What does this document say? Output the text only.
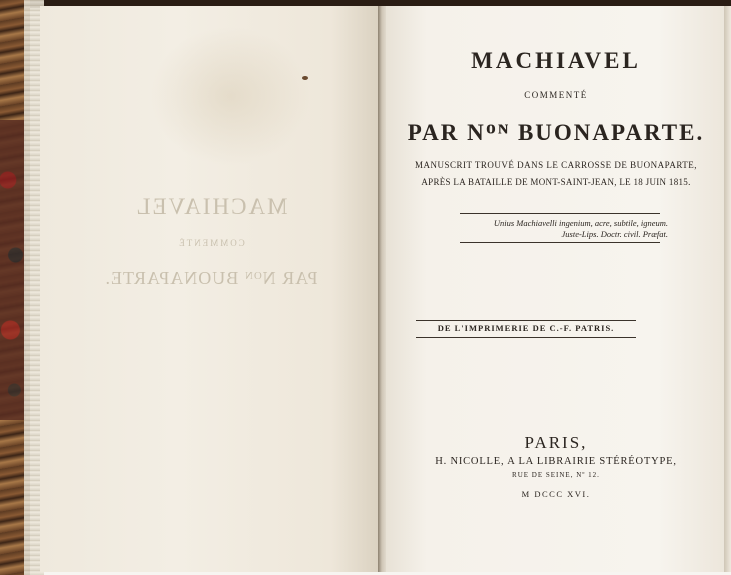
MACHIAVEL
COMMENTÉ
PAR Nᴼᴺ BUONAPARTE.
MACHIAVEL
COMMENTÉ
PAR Nᴼᴺ BUONAPARTE.
MANUSCRIT TROUVÉ DANS LE CARROSSE DE BUONAPARTE,
APRÈS LA BATAILLE DE MONT-SAINT-JEAN, LE 18 JUIN 1815.
Unius Machiavelli ingenium, acre, subtile, igneum.
Juste-Lips. Doctr. civil. Præfat.
DE L'IMPRIMERIE DE C.-F. PATRIS.
PARIS,
H. NICOLLE, A LA LIBRAIRIE STÉRÉOTYPE,
RUE DE SEINE, Nº 12.
M DCCC XVI.
